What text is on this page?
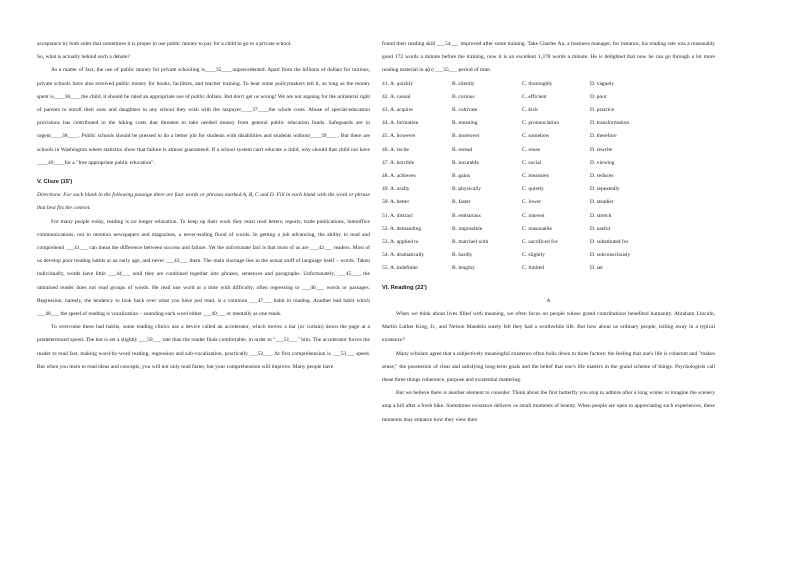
acceptance by both sides that sometimes it is proper to use public money to pay for a child to go to a private school.

So, what is actually behind such a debate?

As a matter of fact, the use of public money for private schooling is____35____unprecedented. Apart from the billions of dollars for tuitions, private schools have also received public money for books, facilities, and teacher training. To hear some policymakers tell it, as long as the money spent is____36____the child, it should be rated an appropriate use of public dollars. But don't get us wrong! We are not arguing for the unilateral right of parents to enroll their sons and daughters in any school they wish with the taxpayer____37____the whole costs. Abuse of special-education provisions has contributed to the hiking costs that threaten to take needed money from general public education funds. Safeguards are in urgent____38____. Public schools should be pressed to do a better job for students with disabilities and students without____39____. But there are schools in Washington where statistics show that failure is almost guaranteed. If a school system can't educate a child, why should that child not have ____40____for a "free appropriate public education".

V. Cloze (15')

Directions: For each blank in the following passage there are four words or phrases marked A, B, C and D. Fill in each blank with the word or phrase that best fits the context.

For many people today, reading is no longer relaxation. To keep up their work they must read letters, reports, trade publications, interoffice communications, not to mention newspapers and magazines, a never-ending flood of words. In getting a job advancing, the ability to read and comprehend ___41___ can mean the difference between success and failure. Yet the unfortunate fact is that most of us are ___42___ readers. Most of us develop poor reading habits at an early age, and never ___43___ them. The main shortage lies in the actual stuff of language itself – words. Taken individually, words have little ___44___ until they are combined together into phrases, sentences and paragraphs. Unfortunately, ___45___, the untrained reader does not read groups of words. He read one word at a time with difficulty, often regressing to ___46___ words or passages. Regression, namely, the tendency to look back over what you have just read, is a common ___47___ habit in reading. Another bad habit which ___48___ the speed of reading is vocalization – sounding each word either ___49___ or mentally as one reads.

To overcome these bad habits, some reading clinics use a device called an accelerator, which moves a bar (or curtain) down the page at a predetermined speed. The bar is set a slightly ___50___ rate than the reader finds comfortable, in order to "___51___" him. The accelerator forces the reader to read fast, making word-by-word reading, regression and sub-vocalization, practically ___52___. At first comprehension is ___53___ speed. But when you learn to read ideas and concepts, you will not only read faster, but your comprehension will improve. Many people have

found their reading skill ___54___ improved after some training. Take Charles Au, a business manager, for instance, his reading rate was a reasonably good 172 words a minute before the training, now it is an excellent 1,378 words a minute. He is delighted that now he can go through a lot more reading material in a(n) ___55___ period of time.

41. A. quickly	B. silently	C. thoroughly	D. vaguely
42. A. casual	B. curious	C. efficient	D. poor
43. A. acquire	B. cultivate	C. kick	D. practice
44. A. formation	B. meaning	C. pronunciation	D. transformation
45. A. however	B. moreover	C. somehow	D. therefore
46. A. recite	B. reread	C. reuse	D. rewrite
47. A. horrible	B. incurable	C. social	D. viewing
48. A. achieves	B. gains	C. measures	D. reduces
49. A. orally	B. physically	C. quietly	D. repeatedly
50. A. better	B. faster	C. lower	D. steadier
51. A. distract	B. embarrass	C. interest	D. stretch
52. A. demanding	B. impossible	C. reasonable	D. useful
53. A. applied to	B. matched with	C. sacrificed for	D. substituted for
54. A. dramatically	B. hardly	C. slightly	D. subconsciously
55. A. indefinite	B. lengthy	C. limited	D. set

VI. Reading (22')

A

When we think about lives filled with meaning, we often focus on people whose grand contributions benefited humanity. Abraham Lincoln, Martin Luther King, Jr., and Nelson Mandela surely felt they had a worthwhile life. But how about us ordinary people, toiling away in a typical existence?

Many scholars agree that a subjectively meaningful existence often boils down to three factors: the feeling that one's life is coherent and "makes sense," the possession of clear and satisfying long-term goals and the belief that one's life matters in the grand scheme of things. Psychologists call these three things coherence, purpose and existential mattering.

But we believe there is another element to consider. Think about the first butterfly you stop to admire after a long winter or imagine the scenery atop a hill after a fresh hike. Sometimes existence delivers us small moments of beauty. When people are open to appreciating such experiences, these moments may enhance how they view their
